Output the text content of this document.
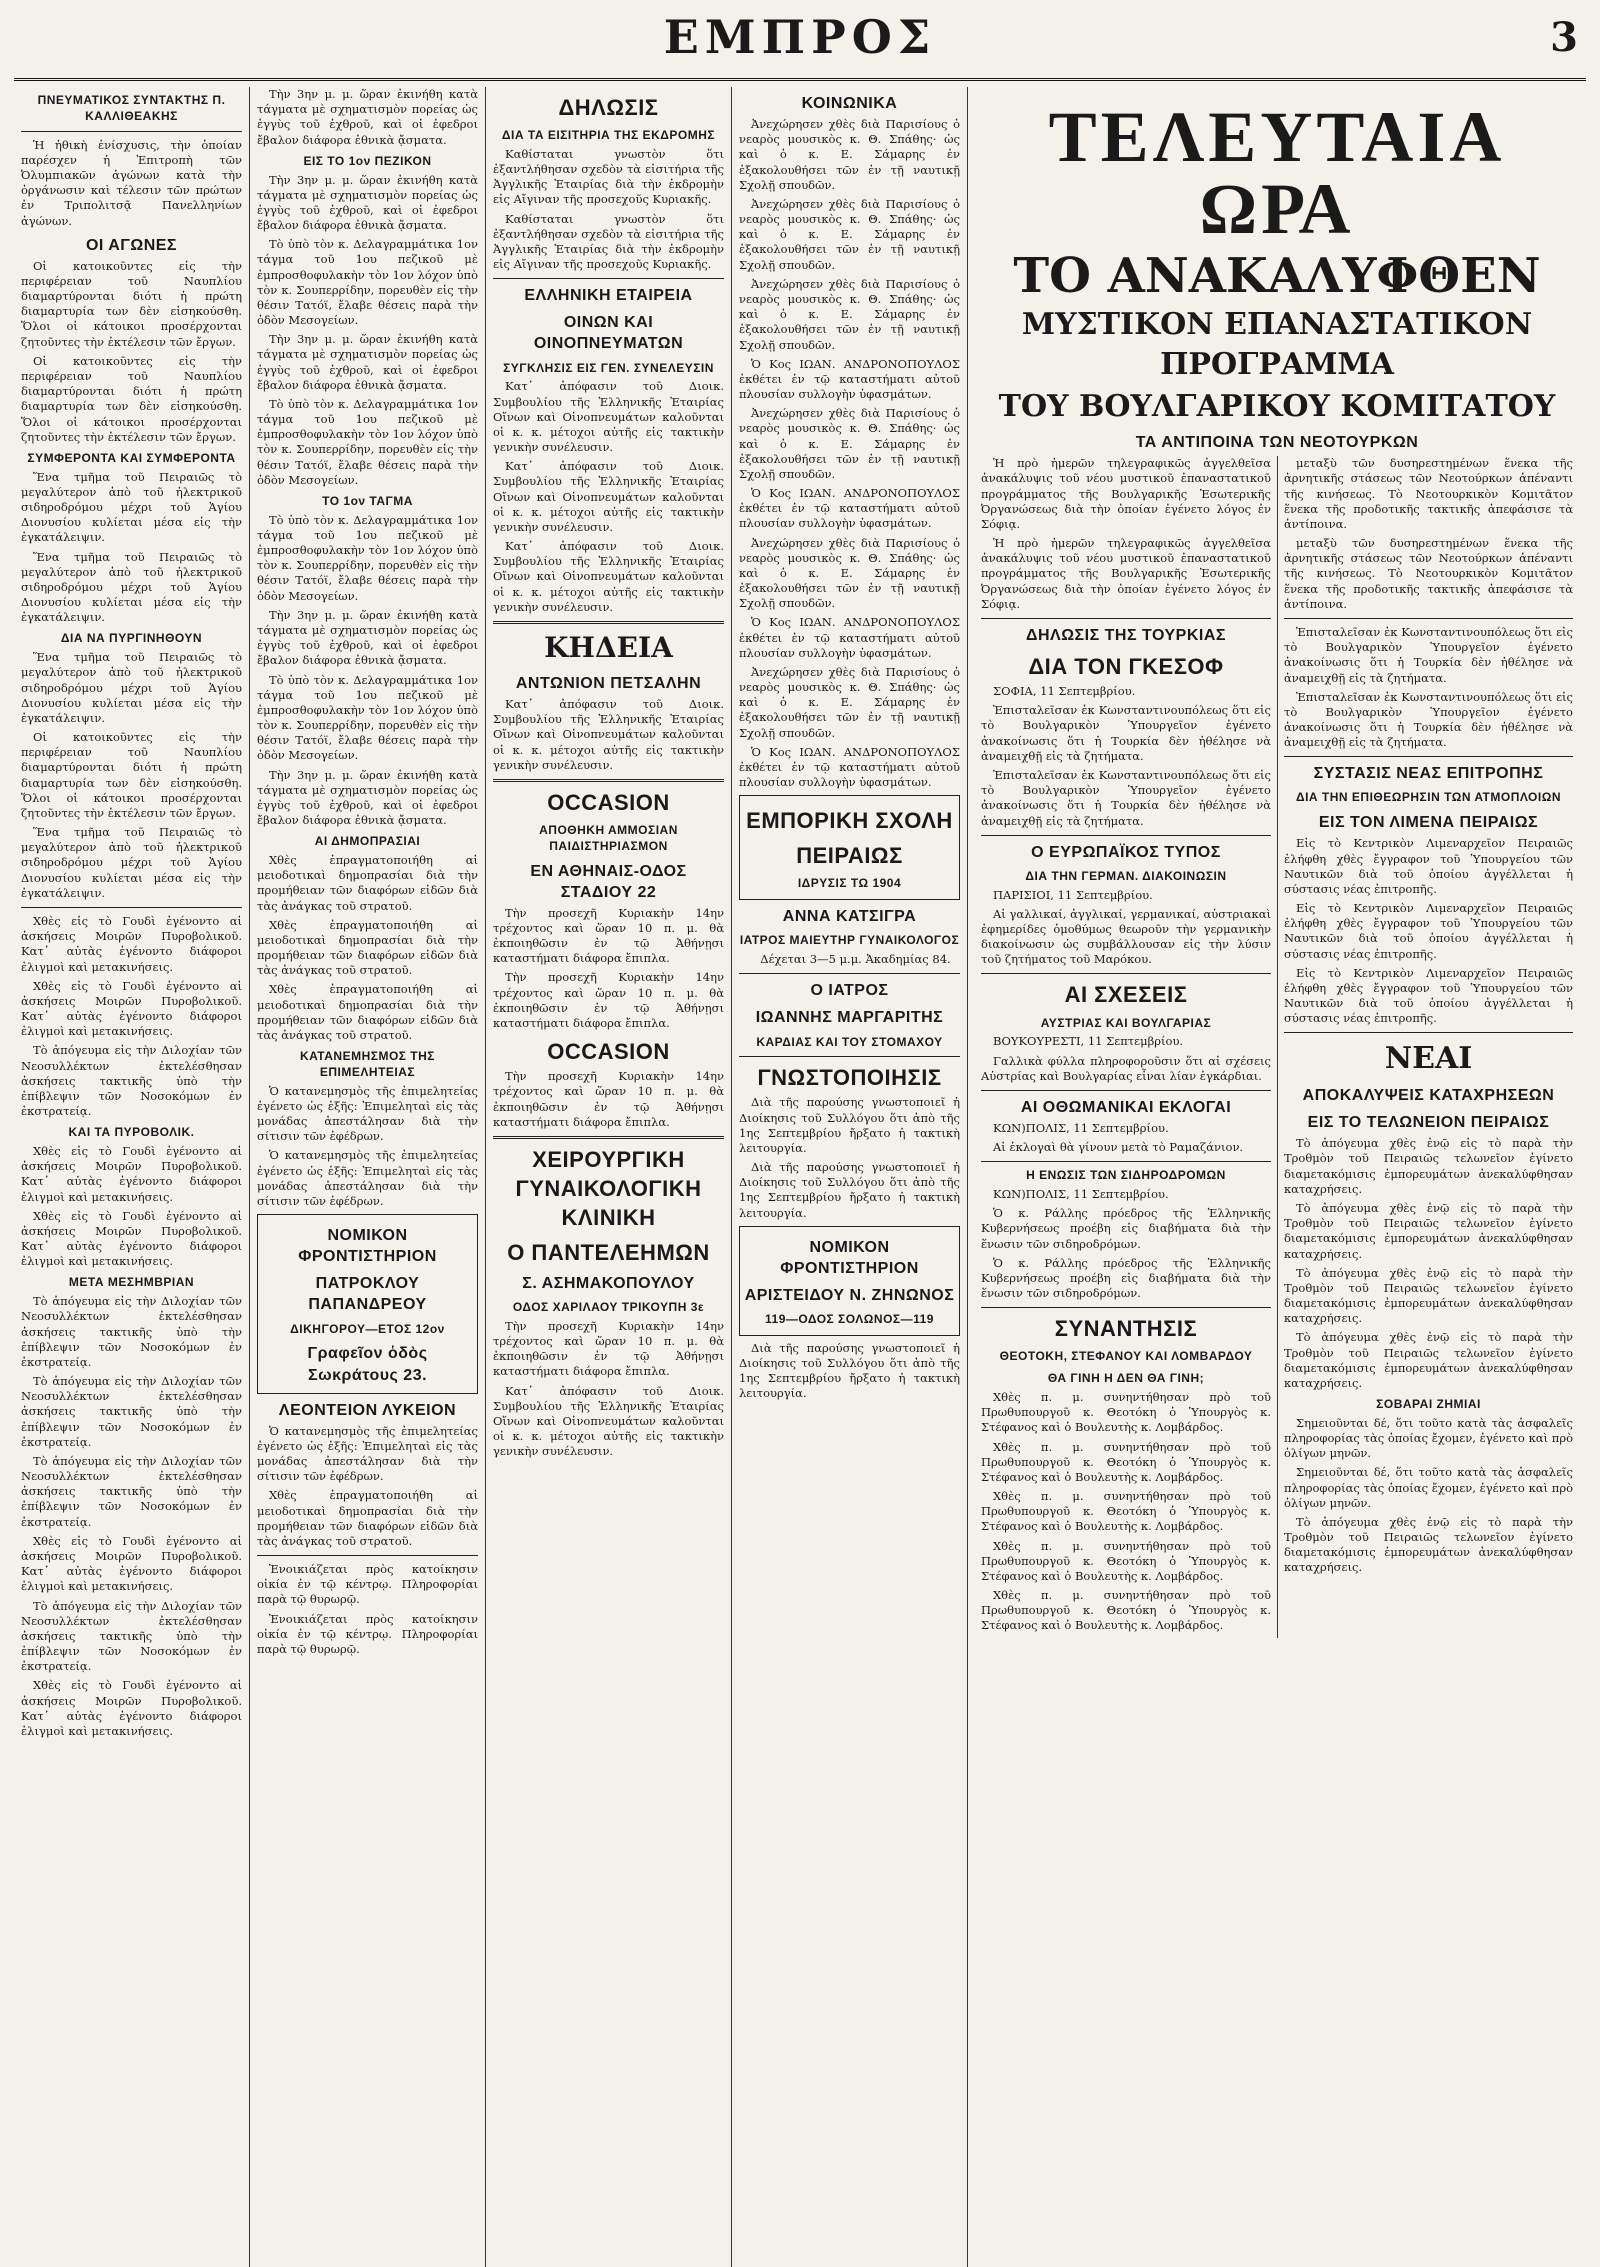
ΕΜΠΡΟΣ	3
ΠΝΕΥΜΑΤΙΚΟΣ ΣΥΝΤΑΚΤΗΣ Π. ΚΑΛΛΙΘΕΑΚΗΣ

Ἡ ἡθικὴ ἐνίσχυσις, τὴν ὁποίαν παρέσχεν ἡ Ἐπιτροπὴ τῶν Ὀλυμπιακῶν ἀγώνων κατὰ τὴν ὀργάνωσιν καὶ τέλεσιν τῶν πρώτων ἐν Τριπολιτσᾷ Πανελληνίων ἀγώνων.

ΟΙ ΑΓΩΝΕΣ

Οἱ κατοικοῦντες εἰς τὴν περιφέρειαν τοῦ Ναυπλίου διαμαρτύρονται διότι ἡ πρώτη διαμαρτυρία των δὲν εἰσηκούσθη. Ὅλοι οἱ κάτοικοι προσέρχονται ζητοῦντες τὴν ἐκτέλεσιν τῶν ἔργων.

Οἱ κατοικοῦντες εἰς τὴν περιφέρειαν τοῦ Ναυπλίου διαμαρτύρονται διότι ἡ πρώτη διαμαρτυρία των δὲν εἰσηκούσθη. Ὅλοι οἱ κάτοικοι προσέρχονται ζητοῦντες τὴν ἐκτέλεσιν τῶν ἔργων.

ΣΥΜΦΕΡΟΝΤΑ ΚΑΙ ΣΥΜΦΕΡΟΝΤΑ

Ἕνα τμῆμα τοῦ Πειραιῶς τὸ μεγαλύτερον ἀπὸ τοῦ ἠλεκτρικοῦ σιδηροδρόμου μέχρι τοῦ Ἁγίου Διονυσίου κυλίεται μέσα εἰς τὴν ἐγκατάλειψιν.

Ἕνα τμῆμα τοῦ Πειραιῶς τὸ μεγαλύτερον ἀπὸ τοῦ ἠλεκτρικοῦ σιδηροδρόμου μέχρι τοῦ Ἁγίου Διονυσίου κυλίεται μέσα εἰς τὴν ἐγκατάλειψιν.

ΔΙΑ ΝΑ ΠΥΡΓΙΝΗΘΟΥΝ

Ἕνα τμῆμα τοῦ Πειραιῶς τὸ μεγαλύτερον ἀπὸ τοῦ ἠλεκτρικοῦ σιδηροδρόμου μέχρι τοῦ Ἁγίου Διονυσίου κυλίεται μέσα εἰς τὴν ἐγκατάλειψιν.

Οἱ κατοικοῦντες εἰς τὴν περιφέρειαν τοῦ Ναυπλίου διαμαρτύρονται διότι ἡ πρώτη διαμαρτυρία των δὲν εἰσηκούσθη. Ὅλοι οἱ κάτοικοι προσέρχονται ζητοῦντες τὴν ἐκτέλεσιν τῶν ἔργων.

Ἕνα τμῆμα τοῦ Πειραιῶς τὸ μεγαλύτερον ἀπὸ τοῦ ἠλεκτρικοῦ σιδηροδρόμου μέχρι τοῦ Ἁγίου Διονυσίου κυλίεται μέσα εἰς τὴν ἐγκατάλειψιν.

Χθὲς εἰς τὸ Γουδὶ ἐγένοντο αἱ ἀσκήσεις Μοιρῶν Πυροβολικοῦ. Κατ᾽ αὐτὰς ἐγένοντο διάφοροι ἐλιγμοὶ καὶ μετακινήσεις.

Χθὲς εἰς τὸ Γουδὶ ἐγένοντο αἱ ἀσκήσεις Μοιρῶν Πυροβολικοῦ. Κατ᾽ αὐτὰς ἐγένοντο διάφοροι ἐλιγμοὶ καὶ μετακινήσεις.

Τὸ ἀπόγευμα εἰς τὴν Διλοχίαν τῶν Νεοσυλλέκτων ἐκτελέσθησαν ἀσκήσεις τακτικῆς ὑπὸ τὴν ἐπίβλεψιν τῶν Νοσοκόμων ἐν ἐκστρατείᾳ.

ΚΑΙ ΤΑ ΠΥΡΟΒΟΛΙΚ.

Χθὲς εἰς τὸ Γουδὶ ἐγένοντο αἱ ἀσκήσεις Μοιρῶν Πυροβολικοῦ. Κατ᾽ αὐτὰς ἐγένοντο διάφοροι ἐλιγμοὶ καὶ μετακινήσεις.

Χθὲς εἰς τὸ Γουδὶ ἐγένοντο αἱ ἀσκήσεις Μοιρῶν Πυροβολικοῦ. Κατ᾽ αὐτὰς ἐγένοντο διάφοροι ἐλιγμοὶ καὶ μετακινήσεις.

ΜΕΤΑ ΜΕΣΗΜΒΡΙΑΝ

Τὸ ἀπόγευμα εἰς τὴν Διλοχίαν τῶν Νεοσυλλέκτων ἐκτελέσθησαν ἀσκήσεις τακτικῆς ὑπὸ τὴν ἐπίβλεψιν τῶν Νοσοκόμων ἐν ἐκστρατείᾳ.

Τὸ ἀπόγευμα εἰς τὴν Διλοχίαν τῶν Νεοσυλλέκτων ἐκτελέσθησαν ἀσκήσεις τακτικῆς ὑπὸ τὴν ἐπίβλεψιν τῶν Νοσοκόμων ἐν ἐκστρατείᾳ.

Τὸ ἀπόγευμα εἰς τὴν Διλοχίαν τῶν Νεοσυλλέκτων ἐκτελέσθησαν ἀσκήσεις τακτικῆς ὑπὸ τὴν ἐπίβλεψιν τῶν Νοσοκόμων ἐν ἐκστρατείᾳ.

Χθὲς εἰς τὸ Γουδὶ ἐγένοντο αἱ ἀσκήσεις Μοιρῶν Πυροβολικοῦ. Κατ᾽ αὐτὰς ἐγένοντο διάφοροι ἐλιγμοὶ καὶ μετακινήσεις.

Τὸ ἀπόγευμα εἰς τὴν Διλοχίαν τῶν Νεοσυλλέκτων ἐκτελέσθησαν ἀσκήσεις τακτικῆς ὑπὸ τὴν ἐπίβλεψιν τῶν Νοσοκόμων ἐν ἐκστρατείᾳ.

Χθὲς εἰς τὸ Γουδὶ ἐγένοντο αἱ ἀσκήσεις Μοιρῶν Πυροβολικοῦ. Κατ᾽ αὐτὰς ἐγένοντο διάφοροι ἐλιγμοὶ καὶ μετακινήσεις.

Τὴν 3ην μ. μ. ὥραν ἐκινήθη κατὰ τάγματα μὲ σχηματισμὸν πορείας ὡς ἐγγὺς τοῦ ἐχθροῦ, καὶ οἱ ἐφεδροι ἔβαλον διάφορα ἐθνικὰ ᾄσματα.

ΕΙΣ ΤΟ 1ον ΠΕΖΙΚΟΝ

Τὴν 3ην μ. μ. ὥραν ἐκινήθη κατὰ τάγματα μὲ σχηματισμὸν πορείας ὡς ἐγγὺς τοῦ ἐχθροῦ, καὶ οἱ ἐφεδροι ἔβαλον διάφορα ἐθνικὰ ᾄσματα.

Τὸ ὑπὸ τὸν κ. Δελαγραμμάτικα 1ον τάγμα τοῦ 1ου πεζικοῦ μὲ ἐμπροσθοφυλακὴν τὸν 1ον λόχον ὑπὸ τὸν κ. Σουπερρίδην, πορευθὲν εἰς τὴν θέσιν Τατόϊ, ἔλαβε θέσεις παρὰ τὴν ὁδὸν Μεσογείων.

Τὴν 3ην μ. μ. ὥραν ἐκινήθη κατὰ τάγματα μὲ σχηματισμὸν πορείας ὡς ἐγγὺς τοῦ ἐχθροῦ, καὶ οἱ ἐφεδροι ἔβαλον διάφορα ἐθνικὰ ᾄσματα.

Τὸ ὑπὸ τὸν κ. Δελαγραμμάτικα 1ον τάγμα τοῦ 1ου πεζικοῦ μὲ ἐμπροσθοφυλακὴν τὸν 1ον λόχον ὑπὸ τὸν κ. Σουπερρίδην, πορευθὲν εἰς τὴν θέσιν Τατόϊ, ἔλαβε θέσεις παρὰ τὴν ὁδὸν Μεσογείων.

ΤΟ 1ον ΤΑΓΜΑ

Τὸ ὑπὸ τὸν κ. Δελαγραμμάτικα 1ον τάγμα τοῦ 1ου πεζικοῦ μὲ ἐμπροσθοφυλακὴν τὸν 1ον λόχον ὑπὸ τὸν κ. Σουπερρίδην, πορευθὲν εἰς τὴν θέσιν Τατόϊ, ἔλαβε θέσεις παρὰ τὴν ὁδὸν Μεσογείων.

Τὴν 3ην μ. μ. ὥραν ἐκινήθη κατὰ τάγματα μὲ σχηματισμὸν πορείας ὡς ἐγγὺς τοῦ ἐχθροῦ, καὶ οἱ ἐφεδροι ἔβαλον διάφορα ἐθνικὰ ᾄσματα.

Τὸ ὑπὸ τὸν κ. Δελαγραμμάτικα 1ον τάγμα τοῦ 1ου πεζικοῦ μὲ ἐμπροσθοφυλακὴν τὸν 1ον λόχον ὑπὸ τὸν κ. Σουπερρίδην, πορευθὲν εἰς τὴν θέσιν Τατόϊ, ἔλαβε θέσεις παρὰ τὴν ὁδὸν Μεσογείων.

Τὴν 3ην μ. μ. ὥραν ἐκινήθη κατὰ τάγματα μὲ σχηματισμὸν πορείας ὡς ἐγγὺς τοῦ ἐχθροῦ, καὶ οἱ ἐφεδροι ἔβαλον διάφορα ἐθνικὰ ᾄσματα.

ΑΙ ΔΗΜΟΠΡΑΣΙΑΙ

Χθὲς ἐπραγματοποιήθη αἱ μειοδοτικαὶ δημοπρασίαι διὰ τὴν προμήθειαν τῶν διαφόρων εἰδῶν διὰ τὰς ἀνάγκας τοῦ στρατοῦ.

Χθὲς ἐπραγματοποιήθη αἱ μειοδοτικαὶ δημοπρασίαι διὰ τὴν προμήθειαν τῶν διαφόρων εἰδῶν διὰ τὰς ἀνάγκας τοῦ στρατοῦ.

Χθὲς ἐπραγματοποιήθη αἱ μειοδοτικαὶ δημοπρασίαι διὰ τὴν προμήθειαν τῶν διαφόρων εἰδῶν διὰ τὰς ἀνάγκας τοῦ στρατοῦ.

ΚΑΤΑΝΕΜΗΣΜΟΣ ΤΗΣ ΕΠΙΜΕΛΗΤΕΙΑΣ

Ὁ κατανεμησμὸς τῆς ἐπιμελητείας ἐγένετο ὡς ἑξῆς: Ἐπιμεληταὶ εἰς τὰς μονάδας ἀπεστάλησαν διὰ τὴν σίτισιν τῶν ἐφέδρων.

Ὁ κατανεμησμὸς τῆς ἐπιμελητείας ἐγένετο ὡς ἑξῆς: Ἐπιμεληταὶ εἰς τὰς μονάδας ἀπεστάλησαν διὰ τὴν σίτισιν τῶν ἐφέδρων.

ΝΟΜΙΚΟΝ ΦΡΟΝΤΙΣΤΗΡΙΟΝ
ΠΑΤΡΟΚΛΟΥ ΠΑΠΑΝΔΡΕΟΥ
ΔΙΚΗΓΟΡΟΥ—ΕΤΟΣ 12ον
Γραφεῖον ὁδὸς Σωκράτους 23.
ΛΕΟΝΤΕΙΟΝ ΛΥΚΕΙΟΝ

Ὁ κατανεμησμὸς τῆς ἐπιμελητείας ἐγένετο ὡς ἑξῆς: Ἐπιμεληταὶ εἰς τὰς μονάδας ἀπεστάλησαν διὰ τὴν σίτισιν τῶν ἐφέδρων.

Χθὲς ἐπραγματοποιήθη αἱ μειοδοτικαὶ δημοπρασίαι διὰ τὴν προμήθειαν τῶν διαφόρων εἰδῶν διὰ τὰς ἀνάγκας τοῦ στρατοῦ.

Ἐνοικιάζεται πρὸς κατοίκησιν οἰκία ἐν τῷ κέντρῳ. Πληροφορίαι παρὰ τῷ θυρωρῷ.

Ἐνοικιάζεται πρὸς κατοίκησιν οἰκία ἐν τῷ κέντρῳ. Πληροφορίαι παρὰ τῷ θυρωρῷ.

ΔΗΛΩΣΙΣ
ΔΙΑ ΤΑ ΕΙΣΙΤΗΡΙΑ ΤΗΣ ΕΚΔΡΟΜΗΣ

Καθίσταται γνωστὸν ὅτι ἐξαντλήθησαν σχεδὸν τὰ εἰσιτήρια τῆς Ἀγγλικῆς Ἑταιρίας διὰ τὴν ἐκδρομὴν εἰς Αἴγιναν τῆς προσεχοῦς Κυριακῆς.

Καθίσταται γνωστὸν ὅτι ἐξαντλήθησαν σχεδὸν τὰ εἰσιτήρια τῆς Ἀγγλικῆς Ἑταιρίας διὰ τὴν ἐκδρομὴν εἰς Αἴγιναν τῆς προσεχοῦς Κυριακῆς.

ΕΛΛΗΝΙΚΗ ΕΤΑΙΡΕΙΑ
ΟΙΝΩΝ ΚΑΙ ΟΙΝΟΠΝΕΥΜΑΤΩΝ
ΣΥΓΚΛΗΣΙΣ ΕΙΣ ΓΕΝ. ΣΥΝΕΛΕΥΣΙΝ

Κατ᾽ ἀπόφασιν τοῦ Διοικ. Συμβουλίου τῆς Ἑλληνικῆς Ἑταιρίας Οἴνων καὶ Οἰνοπνευμάτων καλοῦνται οἱ κ. κ. μέτοχοι αὐτῆς εἰς τακτικὴν γενικὴν συνέλευσιν.

Κατ᾽ ἀπόφασιν τοῦ Διοικ. Συμβουλίου τῆς Ἑλληνικῆς Ἑταιρίας Οἴνων καὶ Οἰνοπνευμάτων καλοῦνται οἱ κ. κ. μέτοχοι αὐτῆς εἰς τακτικὴν γενικὴν συνέλευσιν.

Κατ᾽ ἀπόφασιν τοῦ Διοικ. Συμβουλίου τῆς Ἑλληνικῆς Ἑταιρίας Οἴνων καὶ Οἰνοπνευμάτων καλοῦνται οἱ κ. κ. μέτοχοι αὐτῆς εἰς τακτικὴν γενικὴν συνέλευσιν.

ΚΗΔΕΙΑ
ΑΝΤΩΝΙΟΝ ΠΕΤΣΑΛΗΝ

Κατ᾽ ἀπόφασιν τοῦ Διοικ. Συμβουλίου τῆς Ἑλληνικῆς Ἑταιρίας Οἴνων καὶ Οἰνοπνευμάτων καλοῦνται οἱ κ. κ. μέτοχοι αὐτῆς εἰς τακτικὴν γενικὴν συνέλευσιν.

OCCASION
ΑΠΟΘΗΚΗ ΑΜΜΟΣΙΑΝ ΠΑΙΔΙΣΤΗΡΙΑΣΜΟΝ
ΕΝ ΑΘΗΝΑΙΣ-ΟΔΟΣ ΣΤΑΔΙΟΥ 22

Τὴν προσεχῆ Κυριακὴν 14ην τρέχοντος καὶ ὥραν 10 π. μ. θὰ ἐκποιηθῶσιν ἐν τῷ Ἀθήνῃσι καταστήματι διάφορα ἔπιπλα.

Τὴν προσεχῆ Κυριακὴν 14ην τρέχοντος καὶ ὥραν 10 π. μ. θὰ ἐκποιηθῶσιν ἐν τῷ Ἀθήνῃσι καταστήματι διάφορα ἔπιπλα.

OCCASION

Τὴν προσεχῆ Κυριακὴν 14ην τρέχοντος καὶ ὥραν 10 π. μ. θὰ ἐκποιηθῶσιν ἐν τῷ Ἀθήνῃσι καταστήματι διάφορα ἔπιπλα.

ΧΕΙΡΟΥΡΓΙΚΗ ΓΥΝΑΙΚΟΛΟΓΙΚΗ ΚΛΙΝΙΚΗ
Ο ΠΑΝΤΕΛΕΗΜΩΝ
Σ. ΑΣΗΜΑΚΟΠΟΥΛΟΥ
ΟΔΟΣ ΧΑΡΙΛΑΟΥ ΤΡΙΚΟΥΠΗ 3ε

Τὴν προσεχῆ Κυριακὴν 14ην τρέχοντος καὶ ὥραν 10 π. μ. θὰ ἐκποιηθῶσιν ἐν τῷ Ἀθήνῃσι καταστήματι διάφορα ἔπιπλα.

Κατ᾽ ἀπόφασιν τοῦ Διοικ. Συμβουλίου τῆς Ἑλληνικῆς Ἑταιρίας Οἴνων καὶ Οἰνοπνευμάτων καλοῦνται οἱ κ. κ. μέτοχοι αὐτῆς εἰς τακτικὴν γενικὴν συνέλευσιν.

ΚΟΙΝΩΝΙΚΑ

Ἀνεχώρησεν χθὲς διὰ Παρισίους ὁ νεαρὸς μουσικὸς κ. Θ. Σπάθης· ὡς καὶ ὁ κ. Ε. Σάμαρης ἐν ἐξακολουθήσει τῶν ἐν τῇ ναυτικῇ Σχολῇ σπουδῶν.

Ἀνεχώρησεν χθὲς διὰ Παρισίους ὁ νεαρὸς μουσικὸς κ. Θ. Σπάθης· ὡς καὶ ὁ κ. Ε. Σάμαρης ἐν ἐξακολουθήσει τῶν ἐν τῇ ναυτικῇ Σχολῇ σπουδῶν.

Ἀνεχώρησεν χθὲς διὰ Παρισίους ὁ νεαρὸς μουσικὸς κ. Θ. Σπάθης· ὡς καὶ ὁ κ. Ε. Σάμαρης ἐν ἐξακολουθήσει τῶν ἐν τῇ ναυτικῇ Σχολῇ σπουδῶν.

Ὁ Κος ΙΩΑΝ. ΑΝΔΡΟΝΟΠΟΥΛΟΣ ἐκθέτει ἐν τῷ καταστήματι αὐτοῦ πλουσίαν συλλογὴν ὑφασμάτων.

Ἀνεχώρησεν χθὲς διὰ Παρισίους ὁ νεαρὸς μουσικὸς κ. Θ. Σπάθης· ὡς καὶ ὁ κ. Ε. Σάμαρης ἐν ἐξακολουθήσει τῶν ἐν τῇ ναυτικῇ Σχολῇ σπουδῶν.

Ὁ Κος ΙΩΑΝ. ΑΝΔΡΟΝΟΠΟΥΛΟΣ ἐκθέτει ἐν τῷ καταστήματι αὐτοῦ πλουσίαν συλλογὴν ὑφασμάτων.

Ἀνεχώρησεν χθὲς διὰ Παρισίους ὁ νεαρὸς μουσικὸς κ. Θ. Σπάθης· ὡς καὶ ὁ κ. Ε. Σάμαρης ἐν ἐξακολουθήσει τῶν ἐν τῇ ναυτικῇ Σχολῇ σπουδῶν.

Ὁ Κος ΙΩΑΝ. ΑΝΔΡΟΝΟΠΟΥΛΟΣ ἐκθέτει ἐν τῷ καταστήματι αὐτοῦ πλουσίαν συλλογὴν ὑφασμάτων.

Ἀνεχώρησεν χθὲς διὰ Παρισίους ὁ νεαρὸς μουσικὸς κ. Θ. Σπάθης· ὡς καὶ ὁ κ. Ε. Σάμαρης ἐν ἐξακολουθήσει τῶν ἐν τῇ ναυτικῇ Σχολῇ σπουδῶν.

Ὁ Κος ΙΩΑΝ. ΑΝΔΡΟΝΟΠΟΥΛΟΣ ἐκθέτει ἐν τῷ καταστήματι αὐτοῦ πλουσίαν συλλογὴν ὑφασμάτων.

ΕΜΠΟΡΙΚΗ ΣΧΟΛΗ
ΠΕΙΡΑΙΩΣ
ΙΔΡΥΣΙΣ ΤΩ 1904
ΑΝΝΑ ΚΑΤΣΙΓΡΑ
ΙΑΤΡΟΣ ΜΑΙΕΥΤΗΡ ΓΥΝΑΙΚΟΛΟΓΟΣ

Δέχεται 3—5 μ.μ. Ἀκαδημίας 84.

Ο ΙΑΤΡΟΣ
ΙΩΑΝΝΗΣ ΜΑΡΓΑΡΙΤΗΣ
ΚΑΡΔΙΑΣ ΚΑΙ ΤΟΥ ΣΤΟΜΑΧΟΥ
ΓΝΩΣΤΟΠΟΙΗΣΙΣ

Διὰ τῆς παρούσης γνωστοποιεῖ ἡ Διοίκησις τοῦ Συλλόγου ὅτι ἀπὸ τῆς 1ης Σεπτεμβρίου ἤρξατο ἡ τακτικὴ λειτουργία.

Διὰ τῆς παρούσης γνωστοποιεῖ ἡ Διοίκησις τοῦ Συλλόγου ὅτι ἀπὸ τῆς 1ης Σεπτεμβρίου ἤρξατο ἡ τακτικὴ λειτουργία.

ΝΟΜΙΚΟΝ ΦΡΟΝΤΙΣΤΗΡΙΟΝ
ΑΡΙΣΤΕΙΔΟΥ Ν. ΖΗΝΩΝΟΣ
119—ΟΔΟΣ ΣΟΛΩΝΟΣ—119

Διὰ τῆς παρούσης γνωστοποιεῖ ἡ Διοίκησις τοῦ Συλλόγου ὅτι ἀπὸ τῆς 1ης Σεπτεμβρίου ἤρξατο ἡ τακτικὴ λειτουργία.

ΤΕΛΕΥΤΑΙΑ ΩΡΑ
ΤΟ ΑΝΑΚΑΛΥΦΘΕΝ
ΜΥΣΤΙΚΟΝ ΕΠΑΝΑΣΤΑΤΙΚΟΝ ΠΡΟΓΡΑΜΜΑ
ΤΟΥ ΒΟΥΛΓΑΡΙΚΟΥ ΚΟΜΙΤΑΤΟΥ
ΤΑ ΑΝΤΙΠΟΙΝΑ ΤΩΝ ΝΕΟΤΟΥΡΚΩΝ

Ἡ πρὸ ἡμερῶν τηλεγραφικῶς ἀγγελθεῖσα ἀνακάλυψις τοῦ νέου μυστικοῦ ἐπαναστατικοῦ προγράμματος τῆς Βουλγαρικῆς Ἐσωτερικῆς Ὀργανώσεως διὰ τὴν ὁποίαν ἐγένετο λόγος ἐν Σόφιᾳ.

Ἡ πρὸ ἡμερῶν τηλεγραφικῶς ἀγγελθεῖσα ἀνακάλυψις τοῦ νέου μυστικοῦ ἐπαναστατικοῦ προγράμματος τῆς Βουλγαρικῆς Ἐσωτερικῆς Ὀργανώσεως διὰ τὴν ὁποίαν ἐγένετο λόγος ἐν Σόφιᾳ.

ΔΗΛΩΣΙΣ ΤΗΣ ΤΟΥΡΚΙΑΣ
ΔΙΑ ΤΟΝ ΓΚΕΣΟΦ

ΣΟΦΙΑ, 11 Σεπτεμβρίου.

Ἐπισταλεῖσαν ἐκ Κωνσταντινουπόλεως ὅτι εἰς τὸ Βουλγαρικὸν Ὑπουργεῖον ἐγένετο ἀνακοίνωσις ὅτι ἡ Τουρκία δὲν ἠθέλησε νὰ ἀναμειχθῇ εἰς τὰ ζητήματα.

Ἐπισταλεῖσαν ἐκ Κωνσταντινουπόλεως ὅτι εἰς τὸ Βουλγαρικὸν Ὑπουργεῖον ἐγένετο ἀνακοίνωσις ὅτι ἡ Τουρκία δὲν ἠθέλησε νὰ ἀναμειχθῇ εἰς τὰ ζητήματα.

Ο ΕΥΡΩΠΑΪΚΟΣ ΤΥΠΟΣ
ΔΙΑ ΤΗΝ ΓΕΡΜΑΝ. ΔΙΑΚΟΙΝΩΣΙΝ

ΠΑΡΙΣΙΟΙ, 11 Σεπτεμβρίου.

Αἱ γαλλικαί, ἀγγλικαί, γερμανικαί, αὐστριακαὶ ἐφημερίδες ὁμοθύμως θεωροῦν τὴν γερμανικὴν διακοίνωσιν ὡς συμβάλλουσαν εἰς τὴν λύσιν τοῦ ζητήματος τοῦ Μαρόκου.

ΑΙ ΣΧΕΣΕΙΣ
ΑΥΣΤΡΙΑΣ ΚΑΙ ΒΟΥΛΓΑΡΙΑΣ

ΒΟΥΚΟΥΡΕΣΤΙ, 11 Σεπτεμβρίου.

Γαλλικὰ φύλλα πληροφοροῦσιν ὅτι αἱ σχέσεις Αὐστρίας καὶ Βουλγαρίας εἶναι λίαν ἐγκάρδιαι.

ΑΙ ΟΘΩΜΑΝΙΚΑΙ ΕΚΛΟΓΑΙ

ΚΩΝ)ΠΟΛΙΣ, 11 Σεπτεμβρίου.

Αἱ ἐκλογαὶ θὰ γίνουν μετὰ τὸ Ραμαζάνιον.

Η ΕΝΩΣΙΣ ΤΩΝ ΣΙΔΗΡΟΔΡΟΜΩΝ

ΚΩΝ)ΠΟΛΙΣ, 11 Σεπτεμβρίου.

Ὁ κ. Ράλλης πρόεδρος τῆς Ἑλληνικῆς Κυβερνήσεως προέβη εἰς διαβήματα διὰ τὴν ἕνωσιν τῶν σιδηροδρόμων.

Ὁ κ. Ράλλης πρόεδρος τῆς Ἑλληνικῆς Κυβερνήσεως προέβη εἰς διαβήματα διὰ τὴν ἕνωσιν τῶν σιδηροδρόμων.

ΣΥΝΑΝΤΗΣΙΣ
ΘΕΟΤΟΚΗ, ΣΤΕΦΑΝΟΥ ΚΑΙ ΛΟΜΒΑΡΔΟΥ
ΘΑ ΓΙΝΗ Η ΔΕΝ ΘΑ ΓΙΝΗ;

Χθὲς π. μ. συνηντήθησαν πρὸ τοῦ Πρωθυπουργοῦ κ. Θεοτόκη ὁ Ὑπουργὸς κ. Στέφανος καὶ ὁ Βουλευτὴς κ. Λομβάρδος.

Χθὲς π. μ. συνηντήθησαν πρὸ τοῦ Πρωθυπουργοῦ κ. Θεοτόκη ὁ Ὑπουργὸς κ. Στέφανος καὶ ὁ Βουλευτὴς κ. Λομβάρδος.

Χθὲς π. μ. συνηντήθησαν πρὸ τοῦ Πρωθυπουργοῦ κ. Θεοτόκη ὁ Ὑπουργὸς κ. Στέφανος καὶ ὁ Βουλευτὴς κ. Λομβάρδος.

Χθὲς π. μ. συνηντήθησαν πρὸ τοῦ Πρωθυπουργοῦ κ. Θεοτόκη ὁ Ὑπουργὸς κ. Στέφανος καὶ ὁ Βουλευτὴς κ. Λομβάρδος.

Χθὲς π. μ. συνηντήθησαν πρὸ τοῦ Πρωθυπουργοῦ κ. Θεοτόκη ὁ Ὑπουργὸς κ. Στέφανος καὶ ὁ Βουλευτὴς κ. Λομβάρδος.

μεταξὺ τῶν δυσηρεστημένων ἕνεκα τῆς ἀρνητικῆς στάσεως τῶν Νεοτούρκων ἀπέναντι τῆς κινήσεως. Τὸ Νεοτουρκικὸν Κομιτᾶτον ἕνεκα τῆς προδοτικῆς τακτικῆς ἀπεφάσισε τὰ ἀντίποινα.

μεταξὺ τῶν δυσηρεστημένων ἕνεκα τῆς ἀρνητικῆς στάσεως τῶν Νεοτούρκων ἀπέναντι τῆς κινήσεως. Τὸ Νεοτουρκικὸν Κομιτᾶτον ἕνεκα τῆς προδοτικῆς τακτικῆς ἀπεφάσισε τὰ ἀντίποινα.

Ἐπισταλεῖσαν ἐκ Κωνσταντινουπόλεως ὅτι εἰς τὸ Βουλγαρικὸν Ὑπουργεῖον ἐγένετο ἀνακοίνωσις ὅτι ἡ Τουρκία δὲν ἠθέλησε νὰ ἀναμειχθῇ εἰς τὰ ζητήματα.

Ἐπισταλεῖσαν ἐκ Κωνσταντινουπόλεως ὅτι εἰς τὸ Βουλγαρικὸν Ὑπουργεῖον ἐγένετο ἀνακοίνωσις ὅτι ἡ Τουρκία δὲν ἠθέλησε νὰ ἀναμειχθῇ εἰς τὰ ζητήματα.

ΣΥΣΤΑΣΙΣ ΝΕΑΣ ΕΠΙΤΡΟΠΗΣ
ΔΙΑ ΤΗΝ ΕΠΙΘΕΩΡΗΣΙΝ ΤΩΝ ΑΤΜΟΠΛΟΙΩΝ
ΕΙΣ ΤΟΝ ΛΙΜΕΝΑ ΠΕΙΡΑΙΩΣ

Εἰς τὸ Κεντρικὸν Λιμεναρχεῖον Πειραιῶς ἐλήφθη χθὲς ἔγγραφον τοῦ Ὑπουργείου τῶν Ναυτικῶν διὰ τοῦ ὁποίου ἀγγέλλεται ἡ σύστασις νέας ἐπιτροπῆς.

Εἰς τὸ Κεντρικὸν Λιμεναρχεῖον Πειραιῶς ἐλήφθη χθὲς ἔγγραφον τοῦ Ὑπουργείου τῶν Ναυτικῶν διὰ τοῦ ὁποίου ἀγγέλλεται ἡ σύστασις νέας ἐπιτροπῆς.

Εἰς τὸ Κεντρικὸν Λιμεναρχεῖον Πειραιῶς ἐλήφθη χθὲς ἔγγραφον τοῦ Ὑπουργείου τῶν Ναυτικῶν διὰ τοῦ ὁποίου ἀγγέλλεται ἡ σύστασις νέας ἐπιτροπῆς.

ΝΕΑΙ
ΑΠΟΚΑΛΥΨΕΙΣ ΚΑΤΑΧΡΗΣΕΩΝ
ΕΙΣ ΤΟ ΤΕΛΩΝΕΙΟΝ ΠΕΙΡΑΙΩΣ

Τὸ ἀπόγευμα χθὲς ἐνῷ εἰς τὸ παρὰ τὴν Τροθμὸν τοῦ Πειραιῶς τελωνεῖον ἐγίνετο διαμετακόμισις ἐμπορευμάτων ἀνεκαλύφθησαν καταχρήσεις.

Τὸ ἀπόγευμα χθὲς ἐνῷ εἰς τὸ παρὰ τὴν Τροθμὸν τοῦ Πειραιῶς τελωνεῖον ἐγίνετο διαμετακόμισις ἐμπορευμάτων ἀνεκαλύφθησαν καταχρήσεις.

Τὸ ἀπόγευμα χθὲς ἐνῷ εἰς τὸ παρὰ τὴν Τροθμὸν τοῦ Πειραιῶς τελωνεῖον ἐγίνετο διαμετακόμισις ἐμπορευμάτων ἀνεκαλύφθησαν καταχρήσεις.

Τὸ ἀπόγευμα χθὲς ἐνῷ εἰς τὸ παρὰ τὴν Τροθμὸν τοῦ Πειραιῶς τελωνεῖον ἐγίνετο διαμετακόμισις ἐμπορευμάτων ἀνεκαλύφθησαν καταχρήσεις.

ΣΟΒΑΡΑΙ ΖΗΜΙΑΙ

Σημειοῦνται δέ, ὅτι τοῦτο κατὰ τὰς ἀσφαλεῖς πληροφορίας τὰς ὁποίας ἔχομεν, ἐγένετο καὶ πρὸ ὀλίγων μηνῶν.

Σημειοῦνται δέ, ὅτι τοῦτο κατὰ τὰς ἀσφαλεῖς πληροφορίας τὰς ὁποίας ἔχομεν, ἐγένετο καὶ πρὸ ὀλίγων μηνῶν.

Τὸ ἀπόγευμα χθὲς ἐνῷ εἰς τὸ παρὰ τὴν Τροθμὸν τοῦ Πειραιῶς τελωνεῖον ἐγίνετο διαμετακόμισις ἐμπορευμάτων ἀνεκαλύφθησαν καταχρήσεις.
